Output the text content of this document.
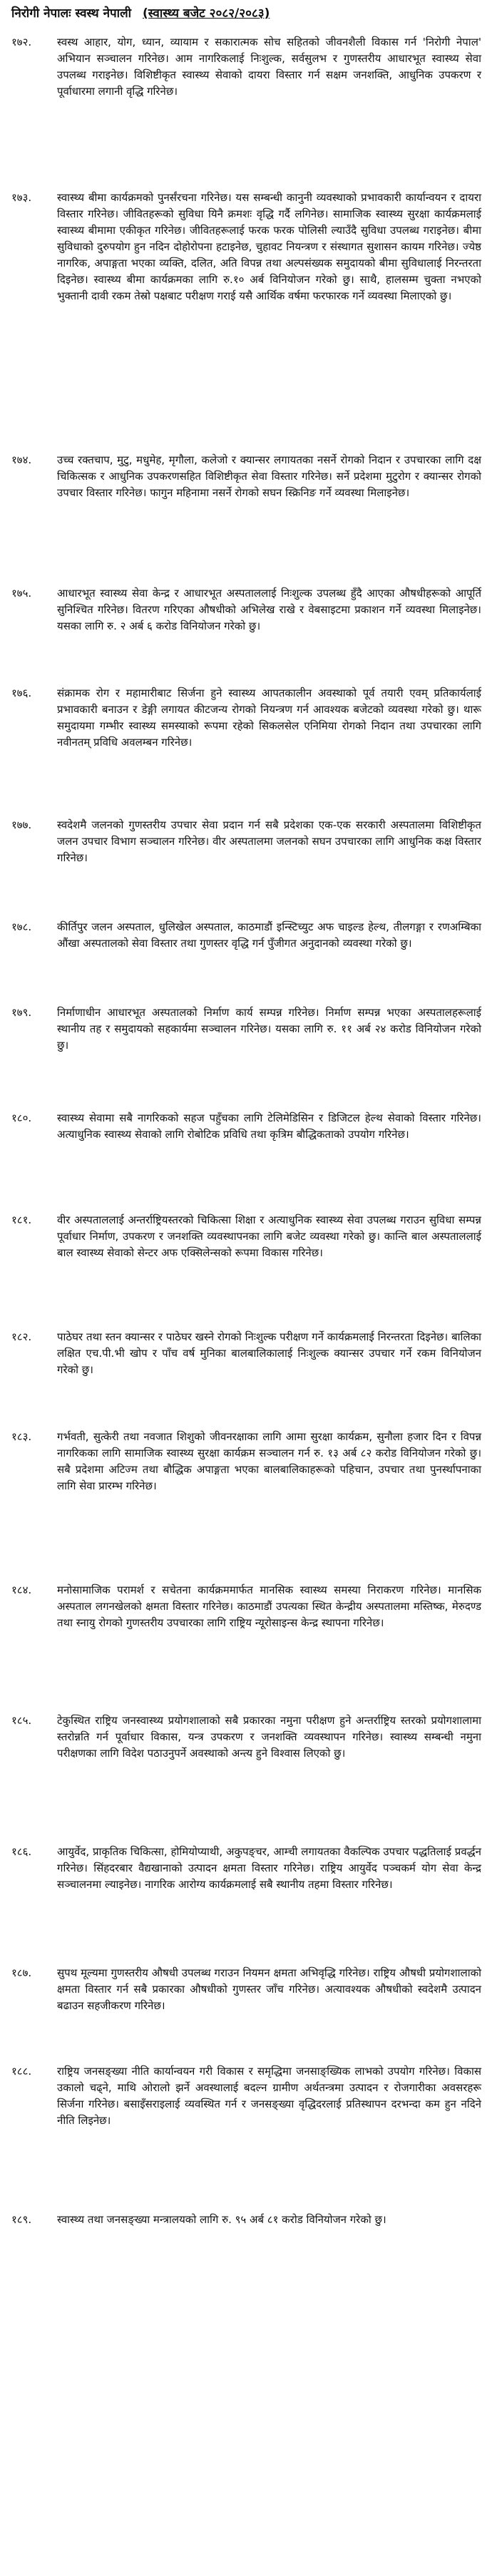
निरोगी नेपालः स्वस्थ नेपाली (स्वास्थ्य बजेट २०८२/२०८३)
१७२.	स्वस्थ आहार, योग, ध्यान, व्यायाम र सकारात्मक सोच सहितको जीवनशैली विकास गर्न 'निरोगी नेपाल' अभियान सञ्चालन गरिनेछ। आम नागरिकलाई निःशुल्क, सर्वसुलभ र गुणस्तरीय आधारभूत स्वास्थ्य सेवा उपलब्ध गराइनेछ। विशिष्टीकृत स्वास्थ्य सेवाको दायरा विस्तार गर्न सक्षम जनशक्ति, आधुनिक उपकरण र पूर्वाधारमा लगानी वृद्धि गरिनेछ।
१७३.	स्वास्थ्य बीमा कार्यक्रमको पुनर्संरचना गरिनेछ। यस सम्बन्धी कानुनी व्यवस्थाको प्रभावकारी कार्यान्वयन र दायरा विस्तार गरिनेछ। जीवितहरूको सुविधा यिनै क्रमशः वृद्धि गर्दै लगिनेछ। सामाजिक स्वास्थ्य सुरक्षा कार्यक्रमलाई स्वास्थ्य बीमामा एकीकृत गरिनेछ। जीवितहरूलाई फरक फरक पोलिसी ल्याउँदै सुविधा उपलब्ध गराइनेछ। बीमा सुविधाको दुरुपयोग हुन नदिन दोहोरोपना हटाइनेछ, चुहावट नियन्त्रण र संस्थागत सुशासन कायम गरिनेछ। ज्येष्ठ नागरिक, अपाङ्गता भएका व्यक्ति, दलित, अति विपन्न तथा अल्पसंख्यक समुदायको बीमा सुविधालाई निरन्तरता दिइनेछ। स्वास्थ्य बीमा कार्यक्रमका लागि रु.१० अर्ब विनियोजन गरेको छु। साथै, हालसम्म चुक्ता नभएको भुक्तानी दावी रकम तेस्रो पक्षबाट परीक्षण गराई यसै आर्थिक वर्षमा फरफारक गर्ने व्यवस्था मिलाएको छु।
१७४.	उच्च रक्तचाप, मुटु, मधुमेह, मृगौला, कलेजो र क्यान्सर लगायतका नसर्ने रोगको निदान र उपचारका लागि दक्ष चिकित्सक र आधुनिक उपकरणसहित विशिष्टीकृत सेवा विस्तार गरिनेछ। सर्ने प्रदेशमा मुटुरोग र क्यान्सर रोगको उपचार विस्तार गरिनेछ। फागुन महिनामा नसर्ने रोगको सघन स्क्रिनिङ गर्ने व्यवस्था मिलाइनेछ।
१७५.	आधारभूत स्वास्थ्य सेवा केन्द्र र आधारभूत अस्पताललाई निःशुल्क उपलब्ध हुँदै आएका औषधीहरूको आपूर्ति सुनिश्चित गरिनेछ। वितरण गरिएका औषधीको अभिलेख राखे र वेबसाइटमा प्रकाशन गर्ने व्यवस्था मिलाइनेछ। यसका लागि रु. २ अर्ब ६ करोड विनियोजन गरेको छु।
१७६.	संक्रामक रोग र महामारीबाट सिर्जना हुने स्वास्थ्य आपतकालीन अवस्थाको पूर्व तयारी एवम् प्रतिकार्यलाई प्रभावकारी बनाउन र डेङ्गी लगायत कीटजन्य रोगको नियन्त्रण गर्न आवश्यक बजेटको व्यवस्था गरेको छु। थारू समुदायमा गम्भीर स्वास्थ्य समस्याको रूपमा रहेको सिकलसेल एनिमिया रोगको निदान तथा उपचारका लागि नवीनतम् प्रविधि अवलम्बन गरिनेछ।
१७७.	स्वदेशमै जलनको गुणस्तरीय उपचार सेवा प्रदान गर्न सबै प्रदेशका एक-एक सरकारी अस्पतालमा विशिष्टीकृत जलन उपचार विभाग सञ्चालन गरिनेछ। वीर अस्पतालमा जलनको सघन उपचारका लागि आधुनिक कक्ष विस्तार गरिनेछ।
१७८.	कीर्तिपुर जलन अस्पताल, धुलिखेल अस्पताल, काठमाडौं इन्स्टिच्युट अफ चाइल्ड हेल्थ, तीलगङ्गा र रणअम्बिका औंखा अस्पतालको सेवा विस्तार तथा गुणस्तर वृद्धि गर्न पुँजीगत अनुदानको व्यवस्था गरेको छु।
१७९.	निर्माणाधीन आधारभूत अस्पतालको निर्माण कार्य सम्पन्न गरिनेछ। निर्माण सम्पन्न भएका अस्पतालहरूलाई स्थानीय तह र समुदायको सहकार्यमा सञ्चालन गरिनेछ। यसका लागि रु. ११ अर्ब २४ करोड विनियोजन गरेको छु।
१८०.	स्वास्थ्य सेवामा सबै नागरिकको सहज पहुँचका लागि टेलिमेडिसिन र डिजिटल हेल्थ सेवाको विस्तार गरिनेछ। अत्याधुनिक स्वास्थ्य सेवाको लागि रोबोटिक प्रविधि तथा कृत्रिम बौद्धिकताको उपयोग गरिनेछ।
१८१.	वीर अस्पताललाई अन्तर्राष्ट्रियस्तरको चिकित्सा शिक्षा र अत्याधुनिक स्वास्थ्य सेवा उपलब्ध गराउन सुविधा सम्पन्न पूर्वाधार निर्माण, उपकरण र जनशक्ति व्यवस्थापनका लागि बजेट व्यवस्था गरेको छु। कान्ति बाल अस्पताललाई बाल स्वास्थ्य सेवाको सेन्टर अफ एक्सिलेन्सको रूपमा विकास गरिनेछ।
१८२.	पाठेघर तथा स्तन क्यान्सर र पाठेघर खस्ने रोगको निःशुल्क परीक्षण गर्ने कार्यक्रमलाई निरन्तरता दिइनेछ। बालिका लक्षित एच.पी.भी खोप र पाँच वर्ष मुनिका बालबालिकालाई निःशुल्क क्यान्सर उपचार गर्ने रकम विनियोजन गरेको छु।
१८३.	गर्भवती, सुत्केरी तथा नवजात शिशुको जीवनरक्षाका लागि आमा सुरक्षा कार्यक्रम, सुनौला हजार दिन र विपन्न नागरिकका लागि सामाजिक स्वास्थ्य सुरक्षा कार्यक्रम सञ्चालन गर्न रु. १३ अर्ब ८२ करोड विनियोजन गरेको छु। सबै प्रदेशमा अटिज्म तथा बौद्धिक अपाङ्गता भएका बालबालिकाहरूको पहिचान, उपचार तथा पुनर्स्थापनाका लागि सेवा प्रारम्भ गरिनेछ।
१८४.	मनोसामाजिक परामर्श र सचेतना कार्यक्रममार्फत मानसिक स्वास्थ्य समस्या निराकरण गरिनेछ। मानसिक अस्पताल लगनखेलको क्षमता विस्तार गरिनेछ। काठमाडौं उपत्यका स्थित केन्द्रीय अस्पतालमा मस्तिष्क, मेरुदण्ड तथा स्नायु रोगको गुणस्तरीय उपचारका लागि राष्ट्रिय न्यूरोसाइन्स केन्द्र स्थापना गरिनेछ।
१८५.	टेकुस्थित राष्ट्रिय जनस्वास्थ्य प्रयोगशालाको सबै प्रकारका नमुना परीक्षण हुने अन्तर्राष्ट्रिय स्तरको प्रयोगशालामा स्तरोन्नति गर्न पूर्वाधार विकास, यन्त्र उपकरण र जनशक्ति व्यवस्थापन गरिनेछ। स्वास्थ्य सम्बन्धी नमुना परीक्षणका लागि विदेश पठाउनुपर्ने अवस्थाको अन्त्य हुने विश्वास लिएको छु।
१८६.	आयुर्वेद, प्राकृतिक चिकित्सा, होमियोप्याथी, अकुपङ्चर, आम्ची लगायतका वैकल्पिक उपचार पद्धतिलाई प्रवर्द्धन गरिनेछ। सिंहदरबार वैद्यखानाको उत्पादन क्षमता विस्तार गरिनेछ। राष्ट्रिय आयुर्वेद पञ्चकर्म योग सेवा केन्द्र सञ्चालनमा ल्याइनेछ। नागरिक आरोग्य कार्यक्रमलाई सबै स्थानीय तहमा विस्तार गरिनेछ।
१८७.	सुपथ मूल्यमा गुणस्तरीय औषधी उपलब्ध गराउन नियमन क्षमता अभिवृद्धि गरिनेछ। राष्ट्रिय औषधी प्रयोगशालाको क्षमता विस्तार गर्न सबै प्रकारका औषधीको गुणस्तर जाँच गरिनेछ। अत्यावश्यक औषधीको स्वदेशमै उत्पादन बढाउन सहजीकरण गरिनेछ।
१८८.	राष्ट्रिय जनसङ्ख्या नीति कार्यान्वयन गरी विकास र समृद्धिमा जनसाङ्ख्यिक लाभको उपयोग गरिनेछ। विकास उकालो चढ्ने, माथि ओरालो झर्ने अवस्थालाई बदल्न ग्रामीण अर्थतन्त्रमा उत्पादन र रोजगारीका अवसरहरू सिर्जना गरिनेछ। बसाइँसराइलाई व्यवस्थित गर्न र जनसङ्ख्या वृद्धिदरलाई प्रतिस्थापन दरभन्दा कम हुन नदिने नीति लिइनेछ।
१८९.	स्वास्थ्य तथा जनसङ्ख्या मन्त्रालयको लागि रु. ९५ अर्ब ८१ करोड विनियोजन गरेको छु।
